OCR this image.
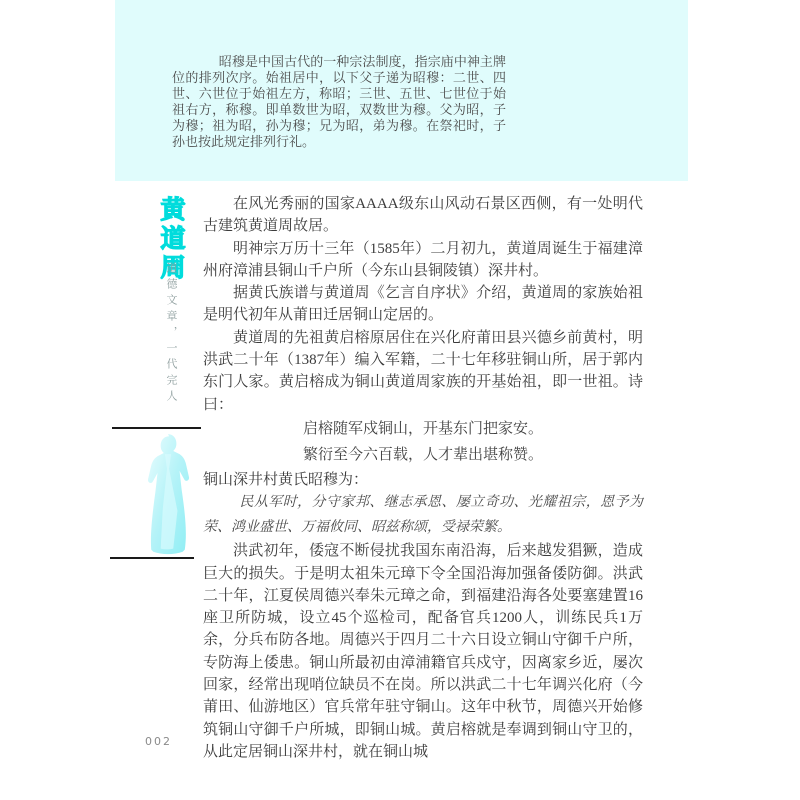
昭穆是中国古代的一种宗法制度，指宗庙中神主牌位的排列次序。始祖居中，以下父子递为昭穆：二世、四世、六世位于始祖左方，称昭；三世、五世、七世位于始祖右方，称穆。即单数世为昭，双数世为穆。父为昭，子为穆；祖为昭，孙为穆；兄为昭，弟为穆。在祭祀时，子孙也按此规定排列行礼。

黄道周
道德文章，一代完人

在风光秀丽的国家AAAA级东山风动石景区西侧，有一处明代古建筑黄道周故居。

明神宗万历十三年（1585年）二月初九，黄道周诞生于福建漳州府漳浦县铜山千户所（今东山县铜陵镇）深井村。

据黄氏族谱与黄道周《乞言自序状》介绍，黄道周的家族始祖是明代初年从莆田迁居铜山定居的。

黄道周的先祖黄启榕原居住在兴化府莆田县兴德乡前黄村，明洪武二十年（1387年）编入军籍，二十七年移驻铜山所，居于郭内东门人家。黄启榕成为铜山黄道周家族的开基始祖，即一世祖。诗曰：

启榕随军戍铜山，开基东门把家安。

繁衍至今六百载，人才辈出堪称赞。

铜山深井村黄氏昭穆为：

民从军时，分守家邦、继志承恩、屡立奇功、光耀祖宗，恩予为荣、鸿业盛世、万福攸同、昭兹称颂，受禄荣繁。

洪武初年，倭寇不断侵扰我国东南沿海，后来越发猖獗，造成巨大的损失。于是明太祖朱元璋下令全国沿海加强备倭防御。洪武二十年，江夏侯周德兴奉朱元璋之命，到福建沿海各处要塞建置16座卫所防城，设立45个巡检司，配备官兵1200人，训练民兵1万余，分兵布防各地。周德兴于四月二十六日设立铜山守御千户所，专防海上倭患。铜山所最初由漳浦籍官兵戍守，因离家乡近，屡次回家，经常出现哨位缺员不在岗。所以洪武二十七年调兴化府（今莆田、仙游地区）官兵常年驻守铜山。这年中秋节，周德兴开始修筑铜山守御千户所城，即铜山城。黄启榕就是奉调到铜山守卫的，从此定居铜山深井村，就在铜山城

002
